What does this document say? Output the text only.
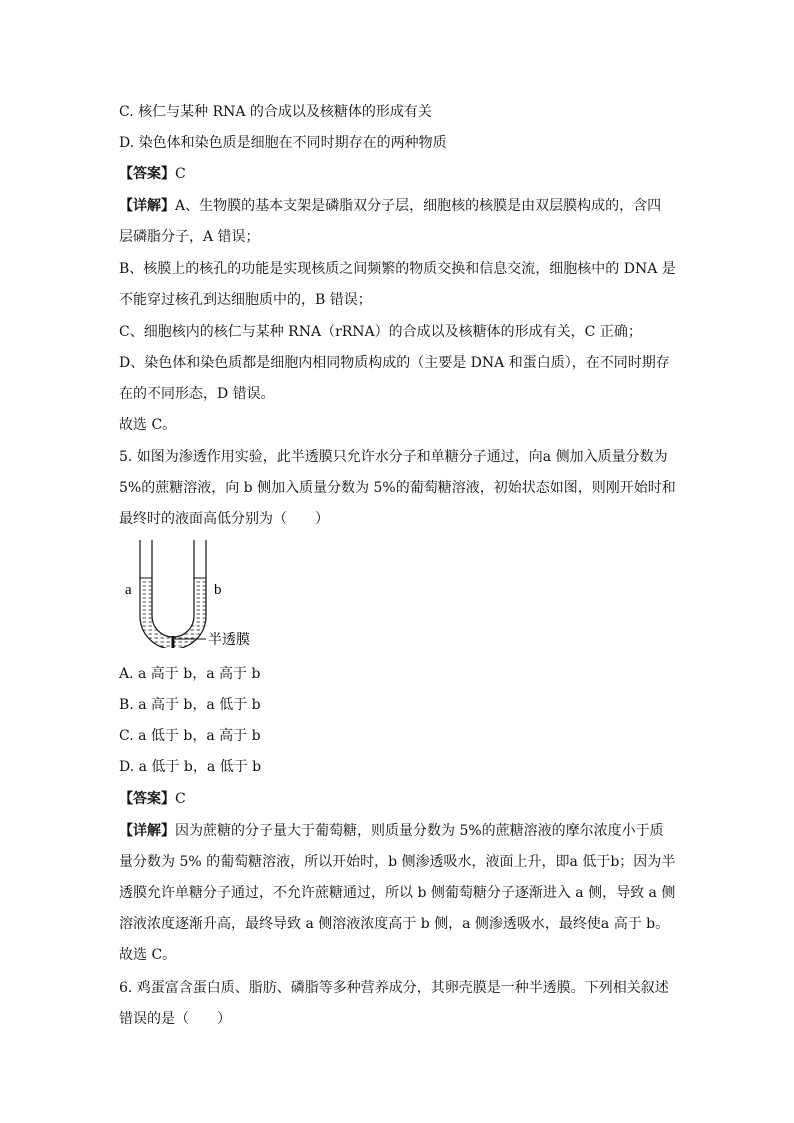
C. 核仁与某种 RNA 的合成以及核糖体的形成有关
D. 染色体和染色质是细胞在不同时期存在的两种物质
【答案】C
【详解】A、生物膜的基本支架是磷脂双分子层，细胞核的核膜是由双层膜构成的，含四
层磷脂分子，A 错误；
B、核膜上的核孔的功能是实现核质之间频繁的物质交换和信息交流，细胞核中的 DNA 是
不能穿过核孔到达细胞质中的，B 错误；
C、细胞核内的核仁与某种 RNA（rRNA）的合成以及核糖体的形成有关，C 正确；
D、染色体和染色质都是细胞内相同物质构成的（主要是 DNA 和蛋白质），在不同时期存
在的不同形态，D 错误。
故选 C。
5. 如图为渗透作用实验，此半透膜只允许水分子和单糖分子通过，向a 侧加入质量分数为
5%的蔗糖溶液，向 b 侧加入质量分数为 5%的葡萄糖溶液，初始状态如图，则刚开始时和
最终时的液面高低分别为（　　）
a	b
半透膜
A. a 高于 b，a 高于 b
B. a 高于 b，a 低于 b
C. a 低于 b，a 高于 b
D. a 低于 b，a 低于 b
【答案】C
【详解】因为蔗糖的分子量大于葡萄糖，则质量分数为 5%的蔗糖溶液的摩尔浓度小于质
量分数为 5% 的葡萄糖溶液，所以开始时，b 侧渗透吸水，液面上升，即a 低于b；因为半
透膜允许单糖分子通过，不允许蔗糖通过，所以 b 侧葡萄糖分子逐渐进入 a 侧，导致 a 侧
溶液浓度逐渐升高，最终导致 a 侧溶液浓度高于 b 侧，a 侧渗透吸水，最终使a 高于 b。
故选 C。
6. 鸡蛋富含蛋白质、脂肪、磷脂等多种营养成分，其卵壳膜是一种半透膜。下列相关叙述
错误的是（　　）
